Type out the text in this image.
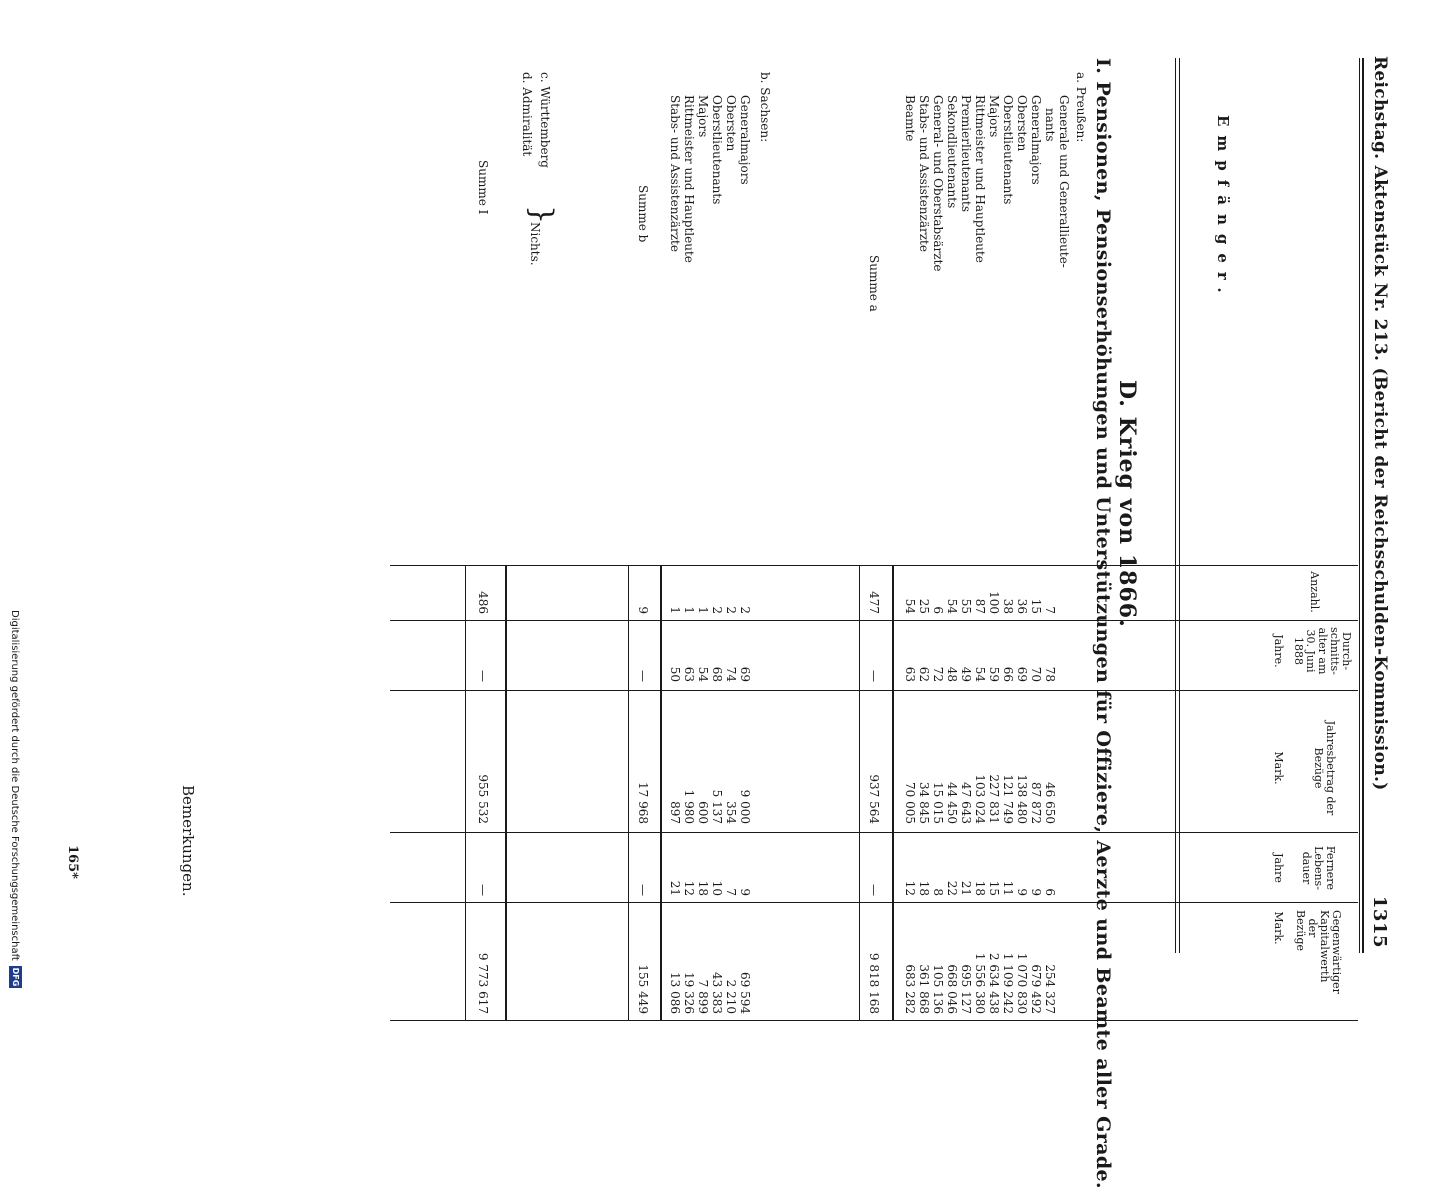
Reichstag. Aktenstück Nr. 213. (Bericht der Reichsschulden-Kommission.)
1315
Empfänger.
Anzahl.
Durch-schnitts-alter am 30. Juni 1888
Jahre.
Jahresbetrag der Bezüge
Mark.
Fernere Lebens-dauer
Jahre
Gegenwärtiger Kapitalwerth der Bezüge
Mark.
Bemerkungen.
D. Krieg von 1866.
I. Pensionen, Pensionserhöhungen und Unterstützungen für Offiziere, Aerzte und Beamte aller Grade.
a. Preußen:
Generale und Generallieute-
nants
7
78
46 650
6
254 327
Generalmajors
15
70
87 872
9
679 492
Obersten
36
69
138 480
9
1 070 830
Oberstlieutenants
38
66
121 749
11
1 109 242
Majors
100
59
227 831
15
2 634 438
Rittmeister und Hauptleute
87
54
103 024
18
1 556 380
Premierlieutenants
55
49
47 643
21
695 127
Sekondlieutenants
54
48
44 450
22
668 046
General- und Oberstabsärzte
6
72
15 015
8
105 136
Stabs- und Assistenzärzte
25
62
34 845
18
361 868
Beamte
54
63
70 005
12
683 282
Summe a
477
—
937 564
—
9 818 168
b. Sachsen:
Generalmajors
2
69
9 000
9
69 594
Obersten
2
74
354
7
2 210
Oberstlieutenants
2
68
5 137
10
43 383
Majors
1
54
600
18
7 899
Rittmeister und Hauptleute
1
63
1 980
12
19 326
Stabs- und Assistenzärzte
1
50
897
21
13 086
Summe b
9
—
17 968
—
155 449
c. Württemberg
d. Admiralität
}
Nichts.
Summe I
486
—
955 532
—
9 773 617
165*
Digitalisierung gefördert durch die Deutsche Forschungsgemeinschaft
DFG
